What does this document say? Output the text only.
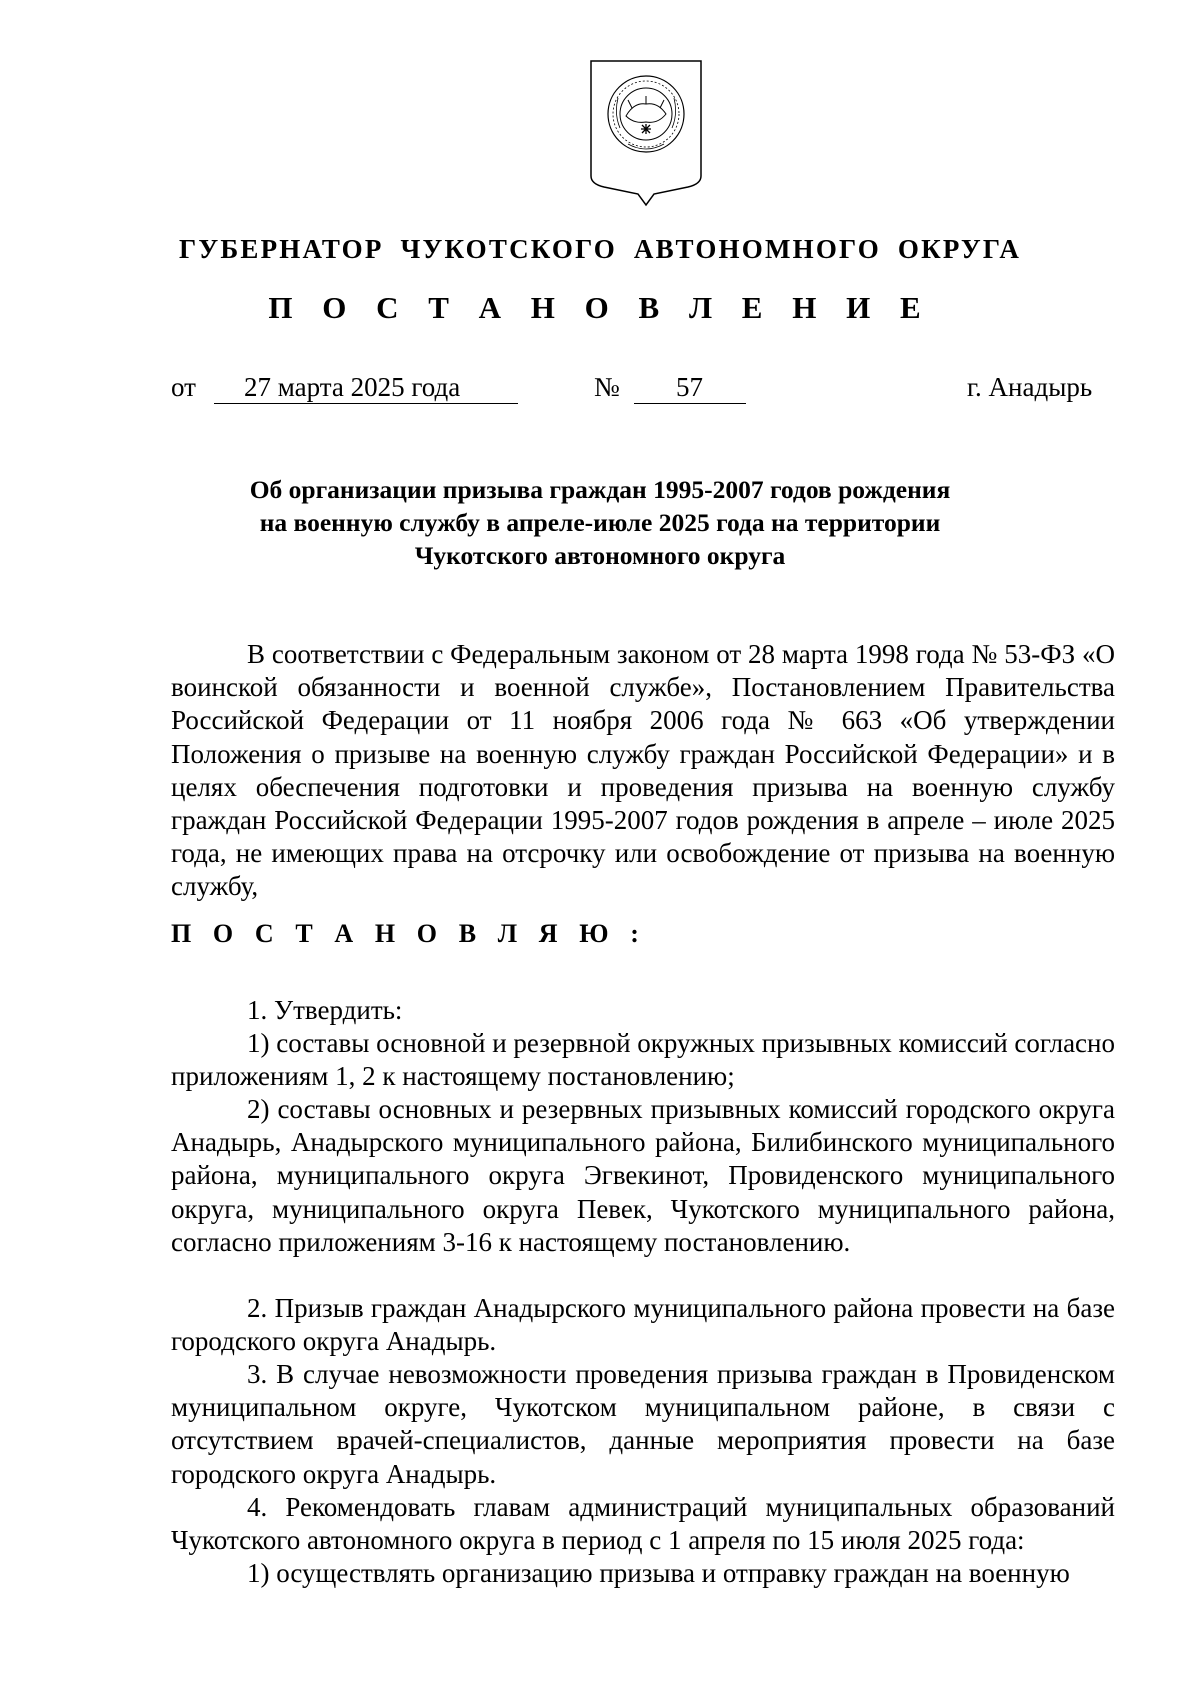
ГУБЕРНАТОР ЧУКОТСКОГО АВТОНОМНОГО ОКРУГА
П О С Т А Н О В Л Е Н И Е
от 27 марта 2025 года	№ 57	г. Анадырь
Об организации призыва граждан 1995-2007 годов рождения
на военную службу в апреле-июле 2025 года на территории
Чукотского автономного округа
В соответствии с Федеральным законом от 28 марта 1998 года № 53-ФЗ «О воинской обязанности и военной службе», Постановлением Правительства Российской Федерации от 11 ноября 2006 года № 663 «Об утверждении Положения о призыве на военную службу граждан Российской Федерации» и в целях обеспечения подготовки и проведения призыва на военную службу граждан Российской Федерации 1995-2007 годов рождения в апреле – июле 2025 года, не имеющих права на отсрочку или освобождение от призыва на военную службу,
П О С Т А Н О В Л Я Ю :
1. Утвердить:
1) составы основной и резервной окружных призывных комиссий согласно приложениям 1, 2 к настоящему постановлению;
2) составы основных и резервных призывных комиссий городского округа Анадырь, Анадырского муниципального района, Билибинского муниципального района, муниципального округа Эгвекинот, Провиденского муниципального округа, муниципального округа Певек, Чукотского муниципального района, согласно приложениям 3-16 к настоящему постановлению.
2. Призыв граждан Анадырского муниципального района провести на базе городского округа Анадырь.
3. В случае невозможности проведения призыва граждан в Провиденском муниципальном округе, Чукотском муниципальном районе, в связи с отсутствием врачей-специалистов, данные мероприятия провести на базе городского округа Анадырь.
4. Рекомендовать главам администраций муниципальных образований Чукотского автономного округа в период с 1 апреля по 15 июля 2025 года:
1) осуществлять организацию призыва и отправку граждан на военную
